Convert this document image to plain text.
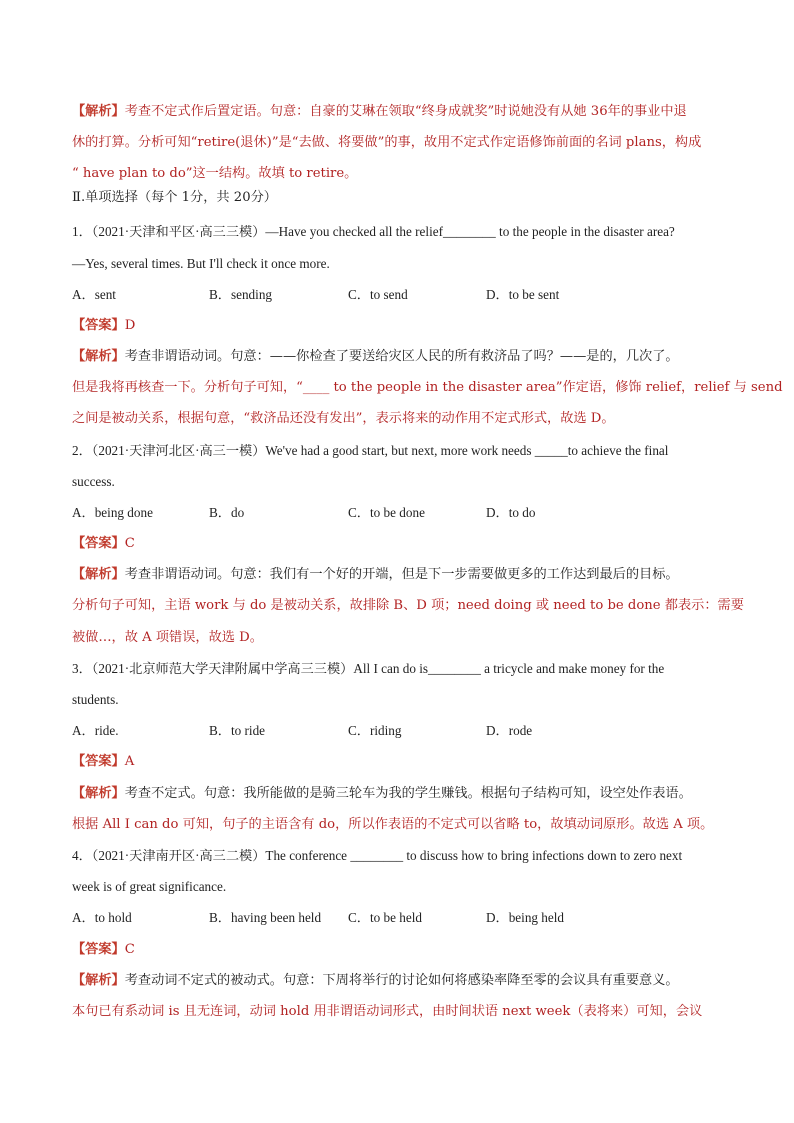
【解析】考查不定式作后置定语。句意：自豪的艾琳在领取“终身成就奖”时说她没有从她 36年的事业中退
休的打算。分析可知“retire(退休)”是“去做、将要做”的事，故用不定式作定语修饰前面的名词 plans，构成
“ have plan to do”这一结构。故填 to retire。
Ⅱ.单项选择（每个 1分，共 20分）
1．（2021·天津和平区·高三三模）—Have you checked all the relief________ to the people in the disaster area?
—Yes, several times. But I'll check it once more.
A．sent	B．sending	C．to send	D．to be sent
【答案】D
【解析】考查非谓语动词。句意：——你检查了要送给灾区人民的所有救济品了吗？——是的，几次了。
但是我将再核查一下。分析句子可知，“____ to the people in the disaster area”作定语，修饰 relief，relief 与 send
之间是被动关系，根据句意，“救济品还没有发出”，表示将来的动作用不定式形式，故选 D。
2．（2021·天津河北区·高三一模）We've had a good start, but next, more work needs _____to achieve the final
success.
A．being done	B．do	C．to be done	D．to do
【答案】C
【解析】考查非谓语动词。句意：我们有一个好的开端，但是下一步需要做更多的工作达到最后的目标。
分析句子可知，主语 work 与 do 是被动关系，故排除 B、D 项；need doing 或 need to be done 都表示：需要
被做…，故 A 项错误，故选 D。
3．（2021·北京师范大学天津附属中学高三三模）All I can do is________ a tricycle and make money for the
students.
A．ride.	B．to ride	C．riding	D．rode
【答案】A
【解析】考查不定式。句意：我所能做的是骑三轮车为我的学生赚钱。根据句子结构可知，设空处作表语。
根据 All I can do 可知，句子的主语含有 do，所以作表语的不定式可以省略 to，故填动词原形。故选 A 项。
4．（2021·天津南开区·高三二模）The conference ________ to discuss how to bring infections down to zero next
week is of great significance.
A．to hold	B．having been held C．to be held	D．being held
【答案】C
【解析】考查动词不定式的被动式。句意：下周将举行的讨论如何将感染率降至零的会议具有重要意义。
本句已有系动词 is 且无连词，动词 hold 用非谓语动词形式，由时间状语 next week（表将来）可知，会议
